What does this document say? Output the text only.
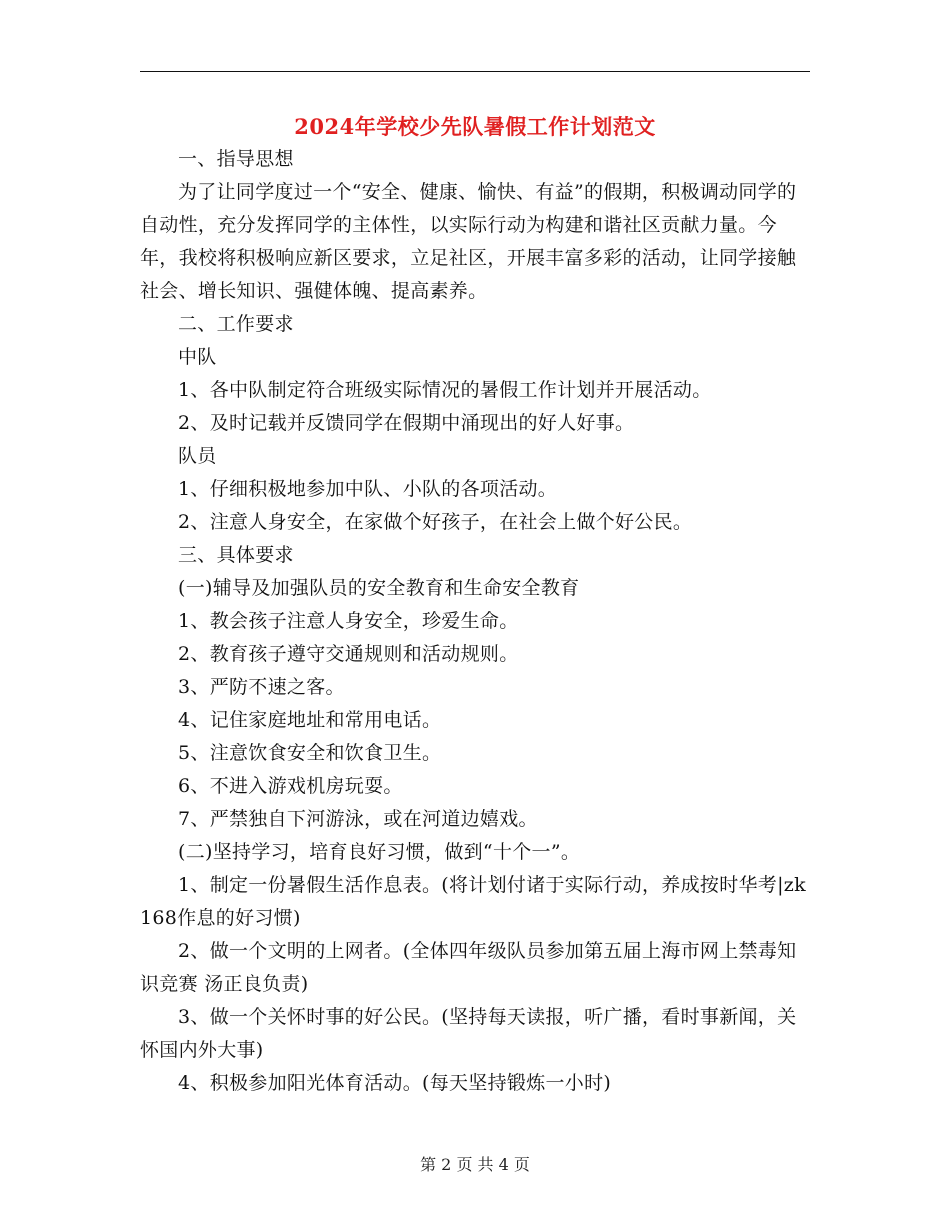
2024年学校少先队暑假工作计划范文

一、指导思想

为了让同学度过一个“安全、健康、愉快、有益”的假期，积极调动同学的自动性，充分发挥同学的主体性，以实际行动为构建和谐社区贡献力量。今年，我校将积极响应新区要求，立足社区，开展丰富多彩的活动，让同学接触社会、增长知识、强健体魄、提高素养。

二、工作要求

中队

1、各中队制定符合班级实际情况的暑假工作计划并开展活动。

2、及时记载并反馈同学在假期中涌现出的好人好事。

队员

1、仔细积极地参加中队、小队的各项活动。

2、注意人身安全，在家做个好孩子，在社会上做个好公民。

三、具体要求

(一)辅导及加强队员的安全教育和生命安全教育

1、教会孩子注意人身安全，珍爱生命。

2、教育孩子遵守交通规则和活动规则。

3、严防不速之客。

4、记住家庭地址和常用电话。

5、注意饮食安全和饮食卫生。

6、不进入游戏机房玩耍。

7、严禁独自下河游泳，或在河道边嬉戏。

(二)坚持学习，培育良好习惯，做到“十个一”。

1、制定一份暑假生活作息表。(将计划付诸于实际行动，养成按时华考|zk168作息的好习惯)

2、做一个文明的上网者。(全体四年级队员参加第五届上海市网上禁毒知识竞赛 汤正良负责)

3、做一个关怀时事的好公民。(坚持每天读报，听广播，看时事新闻，关怀国内外大事)

4、积极参加阳光体育活动。(每天坚持锻炼一小时)

第 2 页 共 4 页
